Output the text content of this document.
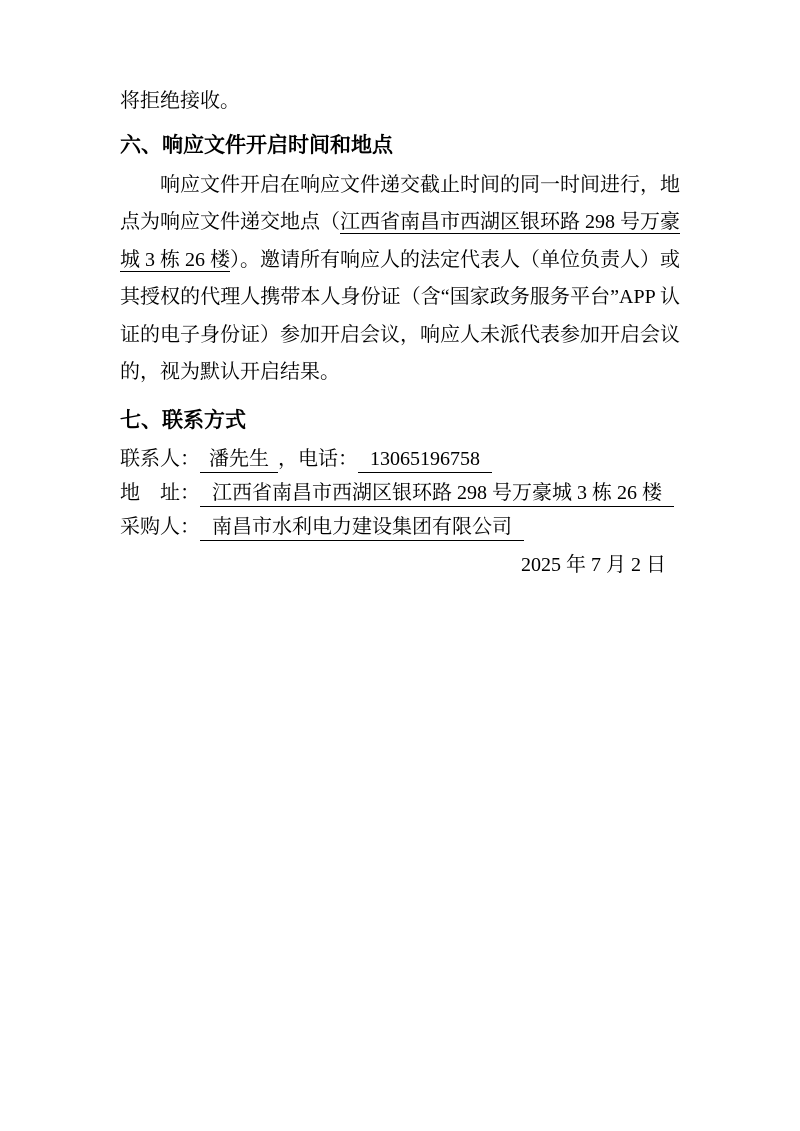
将拒绝接收。

六、响应文件开启时间和地点

响应文件开启在响应文件递交截止时间的同一时间进行，地点为响应文件递交地点（江西省南昌市西湖区银环路 298 号万豪城 3 栋 26 楼）。邀请所有响应人的法定代表人（单位负责人）或其授权的代理人携带本人身份证（含“国家政务服务平台”APP 认证的电子身份证）参加开启会议，响应人未派代表参加开启会议的，视为默认开启结果。

七、联系方式

联系人： 潘先生 ，电话： 13065196758

地　址： 江西省南昌市西湖区银环路 298 号万豪城 3 栋 26 楼

采购人： 南昌市水利电力建设集团有限公司

2025 年 7 月 2 日
